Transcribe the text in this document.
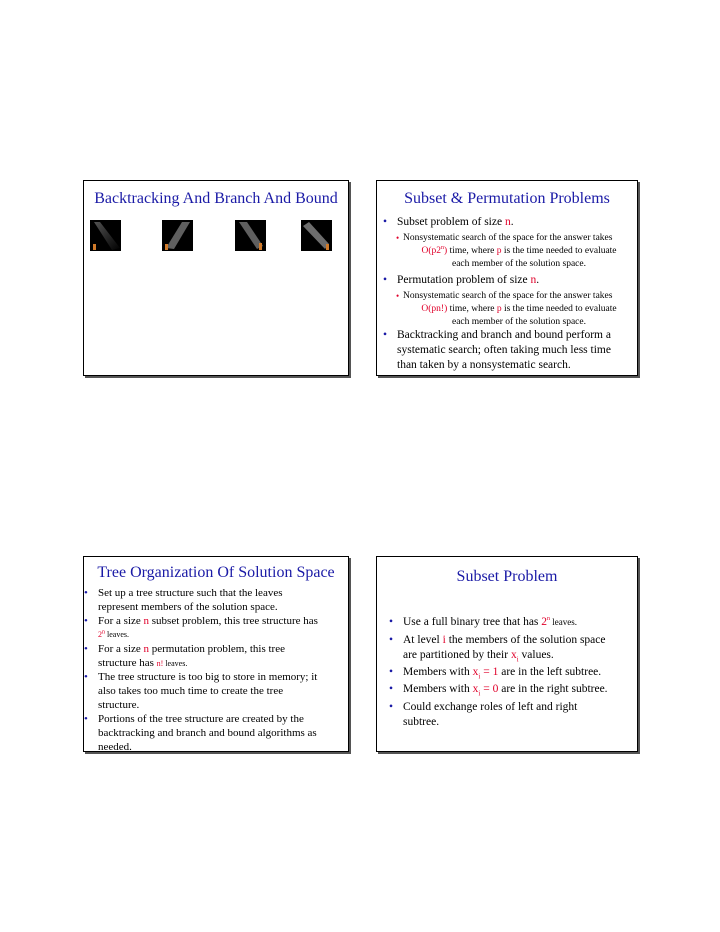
Backtracking And Branch And Bound	Subset & Permutation Problems
• Subset problem of size n.
• Nonsystematic search of the space for the answer takes
O(p2$^n$) time, where p is the time needed to evaluate
each member of the solution space.
• Permutation problem of size n.
• Nonsystematic search of the space for the answer takes
O(pn!) time, where p is the time needed to evaluate
each member of the solution space.
• Backtracking and branch and bound perform a
systematic search; often taking much less time
than taken by a nonsystematic search.
Tree Organization Of Solution Space
• Set up a tree structure such that the leaves
represent members of the solution space.
• For a size n subset problem, this tree structure has
2$^n$ leaves.
• For a size n permutation problem, this tree
structure has n! leaves.
• The tree structure is too big to store in memory; it
also takes too much time to create the tree
structure.
• Portions of the tree structure are created by the
backtracking and branch and bound algorithms as
needed.
Subset Problem
• Use a full binary tree that has 2$^n$ leaves.
• At level i the members of the solution space
are partitioned by their $x_i$ values.
• Members with $x_i = 1$ are in the left subtree.
• Members with $x_i = 0$ are in the right subtree.
• Could exchange roles of left and right
subtree.
